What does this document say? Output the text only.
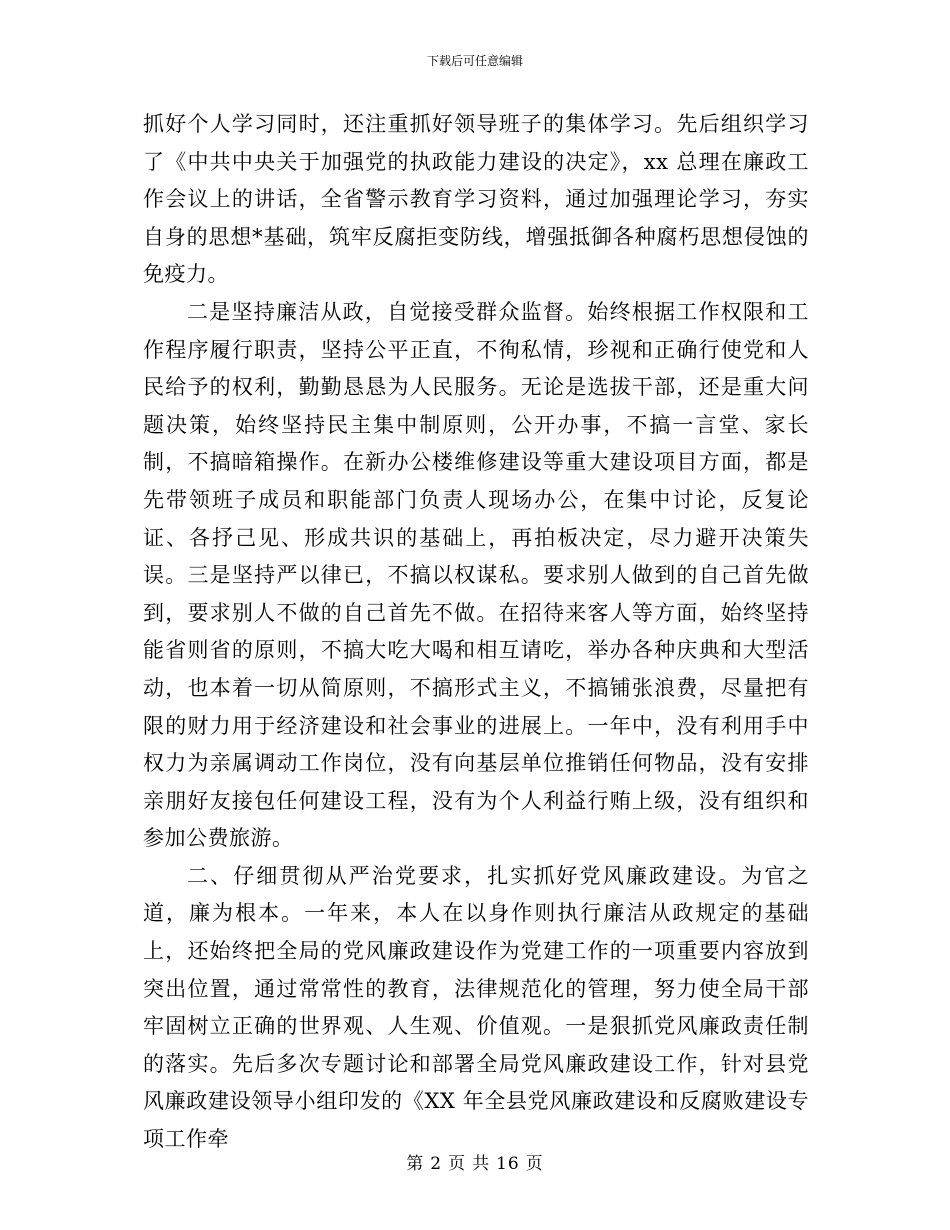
下载后可任意编辑

抓好个人学习同时，还注重抓好领导班子的集体学习。先后组织学习了《中共中央关于加强党的执政能力建设的决定》，xx 总理在廉政工作会议上的讲话，全省警示教育学习资料，通过加强理论学习，夯实自身的思想*基础，筑牢反腐拒变防线，增强抵御各种腐朽思想侵蚀的免疫力。

二是坚持廉洁从政，自觉接受群众监督。始终根据工作权限和工作程序履行职责，坚持公平正直，不徇私情，珍视和正确行使党和人民给予的权利，勤勤恳恳为人民服务。无论是选拔干部，还是重大问题决策，始终坚持民主集中制原则，公开办事，不搞一言堂、家长制，不搞暗箱操作。在新办公楼维修建设等重大建设项目方面，都是先带领班子成员和职能部门负责人现场办公，在集中讨论，反复论证、各抒己见、形成共识的基础上，再拍板决定，尽力避开决策失误。三是坚持严以律已，不搞以权谋私。要求别人做到的自己首先做到，要求别人不做的自己首先不做。在招待来客人等方面，始终坚持能省则省的原则，不搞大吃大喝和相互请吃，举办各种庆典和大型活动，也本着一切从简原则，不搞形式主义，不搞铺张浪费，尽量把有限的财力用于经济建设和社会事业的进展上。一年中，没有利用手中权力为亲属调动工作岗位，没有向基层单位推销任何物品，没有安排亲朋好友接包任何建设工程，没有为个人利益行贿上级，没有组织和参加公费旅游。

二、仔细贯彻从严治党要求，扎实抓好党风廉政建设。为官之道，廉为根本。一年来，本人在以身作则执行廉洁从政规定的基础上，还始终把全局的党风廉政建设作为党建工作的一项重要内容放到突出位置，通过常常性的教育，法律规范化的管理，努力使全局干部牢固树立正确的世界观、人生观、价值观。一是狠抓党风廉政责任制的落实。先后多次专题讨论和部署全局党风廉政建设工作，针对县党风廉政建设领导小组印发的《XX 年全县党风廉政建设和反腐败建设专项工作牵

第 2 页 共 16 页
